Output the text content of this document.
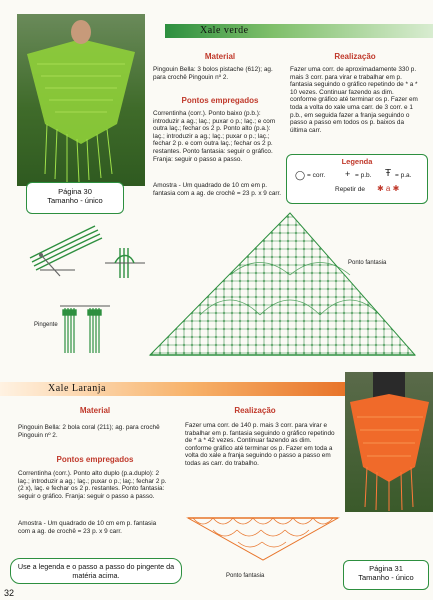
Xale verde
Material
Pingouin Bella: 3 bolos pistache (612); ag. para crochê Pingouin nº 2.
Pontos empregados
Correntinha (corr.). Ponto baixo (p.b.): introduzir a ag.; laç.; puxar o p.; laç.; e com outra laç.; fechar os 2 p. Ponto alto (p.a.): laç.; introduzir a ag.; laç.; puxar o p.; laç.; fechar 2 p. e com outra laç.; fechar os 2 p. restantes. Ponto fantasia: seguir o gráfico. Franja: seguir o passo a passo.
Amostra - Um quadrado de 10 cm em p. fantasia com a ag. de crochê = 23 p. x 9 carr.
Realização
Fazer uma corr. de aproximadamente 330 p. mais 3 corr. para virar e trabalhar em p. fantasia seguindo o gráfico repetindo de * a * 10 vezes. Continuar fazendo as dim. conforme gráfico até terminar os p. Fazer em toda a volta do xale uma carr. de 3 corr. e 1 p.b., em seguida fazer a franja seguindo o passo a passo em todos os p. baixos da última carr.
Legenda
◯ = corr. + = p.b. Ŧ = p.a.
Repetir de ✱ a ✱
Página 30
Tamanho - único
Pingente
Ponto fantasia
Xale Laranja
Material
Pingouin Bella: 2 bola coral (211); ag. para crochê Pingouin nº 2.
Pontos empregados
Correntinha (corr.). Ponto alto duplo (p.a.duplo): 2 laç.; introduzir a ag.; laç.; puxar o p.; laç.; fechar 2 p. (2 x), laç. e fechar os 2 p. restantes. Ponto fantasia: seguir o gráfico. Franja: seguir o passo a passo.
Amostra - Um quadrado de 10 cm em p. fantasia com a ag. de crochê = 23 p. x 9 carr.
Realização
Fazer uma corr. de 140 p. mais 3 corr. para virar e trabalhar em p. fantasia seguindo o gráfico repetindo de * a * 42 vezes. Continuar fazendo as dim. conforme gráfico até terminar os p. Fazer em toda a volta do xale a franja seguindo o passo a passo em todas as carr. do trabalho.
Ponto fantasia
Use a legenda e o passo a passo do pingente da matéria acima.
Página 31
Tamanho - único
32
